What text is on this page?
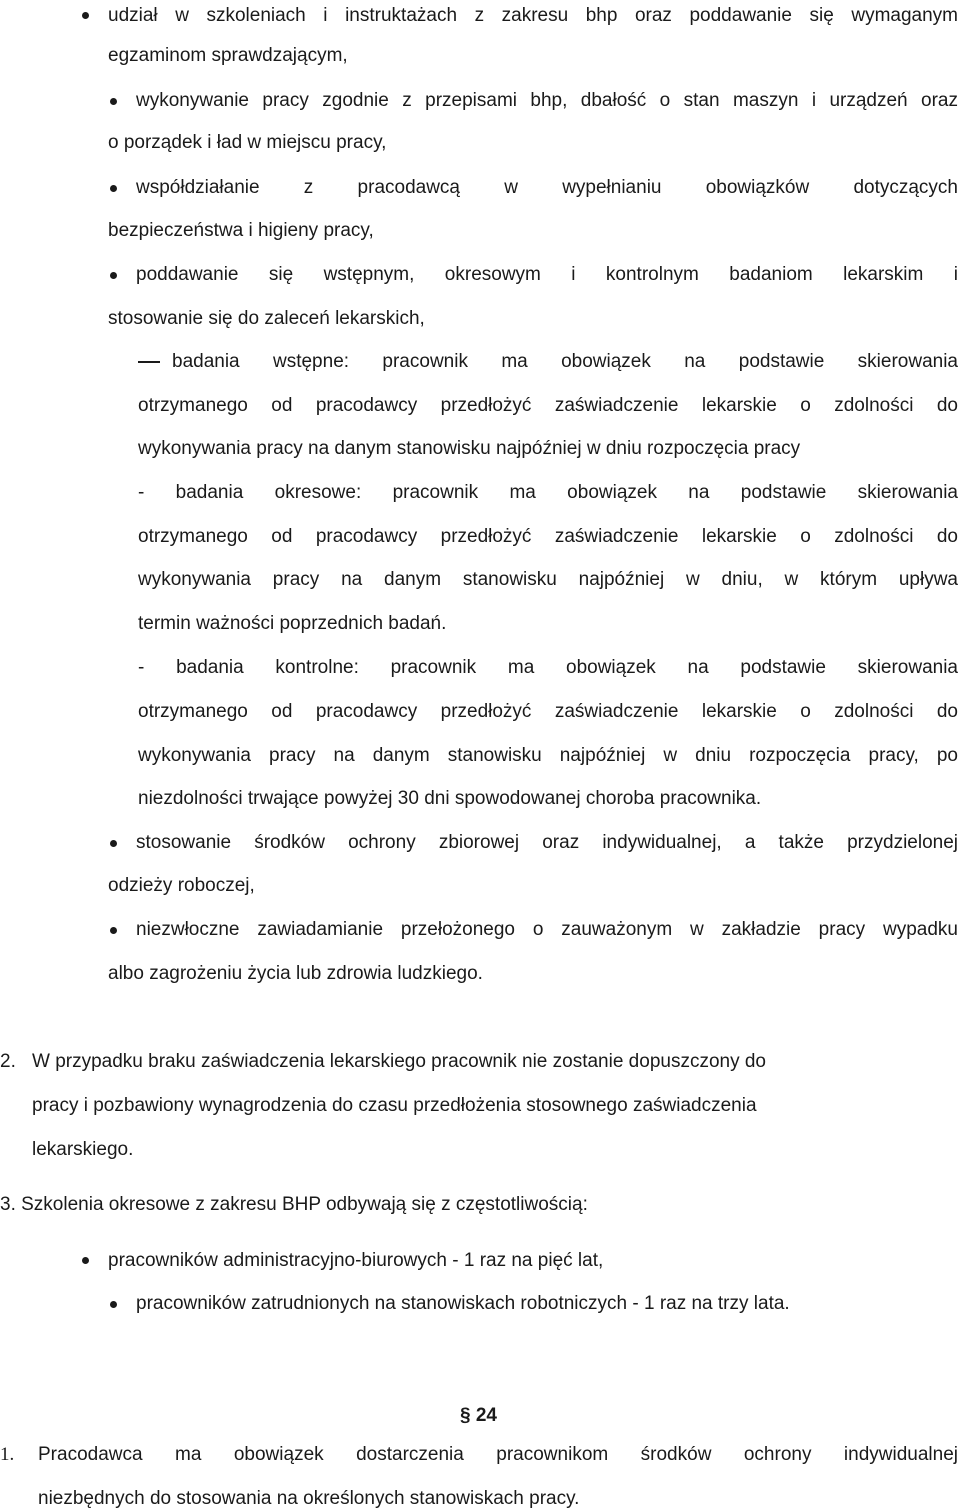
udział w szkoleniach i instruktażach z zakresu bhp oraz poddawanie się wymaganym
egzaminom sprawdzającym,
wykonywanie pracy zgodnie z przepisami bhp, dbałość o stan maszyn i urządzeń oraz
o porządek i ład w miejscu pracy,
współdziałanie z pracodawcą w wypełnianiu obowiązków dotyczących
bezpieczeństwa i higieny pracy,
poddawanie się wstępnym, okresowym i kontrolnym badaniom lekarskim i
stosowanie się do zaleceń lekarskich,
badania wstępne: pracownik ma obowiązek na podstawie skierowania
otrzymanego od pracodawcy przedłożyć zaświadczenie lekarskie o zdolności do
wykonywania pracy na danym stanowisku najpóźniej w dniu rozpoczęcia pracy
- badania okresowe: pracownik ma obowiązek na podstawie skierowania
otrzymanego od pracodawcy przedłożyć zaświadczenie lekarskie o zdolności do
wykonywania pracy na danym stanowisku najpóźniej w dniu, w którym upływa
termin ważności poprzednich badań.
- badania kontrolne: pracownik ma obowiązek na podstawie skierowania
otrzymanego od pracodawcy przedłożyć zaświadczenie lekarskie o zdolności do
wykonywania pracy na danym stanowisku najpóźniej w dniu rozpoczęcia pracy, po
niezdolności trwające powyżej 30 dni spowodowanej choroba pracownika.
stosowanie środków ochrony zbiorowej oraz indywidualnej, a także przydzielonej
odzieży roboczej,
niezwłoczne zawiadamianie przełożonego o zauważonym w zakładzie pracy wypadku
albo zagrożeniu życia lub zdrowia ludzkiego.
2. W przypadku braku zaświadczenia lekarskiego pracownik nie zostanie dopuszczony do
pracy i pozbawiony wynagrodzenia do czasu przedłożenia stosownego zaświadczenia
lekarskiego.
3. Szkolenia okresowe z zakresu BHP odbywają się z częstotliwością:
pracowników administracyjno-biurowych - 1 raz na pięć lat,
pracowników zatrudnionych na stanowiskach robotniczych - 1 raz na trzy lata.
§ 24
1. Pracodawca ma obowiązek dostarczenia pracownikom środków ochrony indywidualnej
niezbędnych do stosowania na określonych stanowiskach pracy.
